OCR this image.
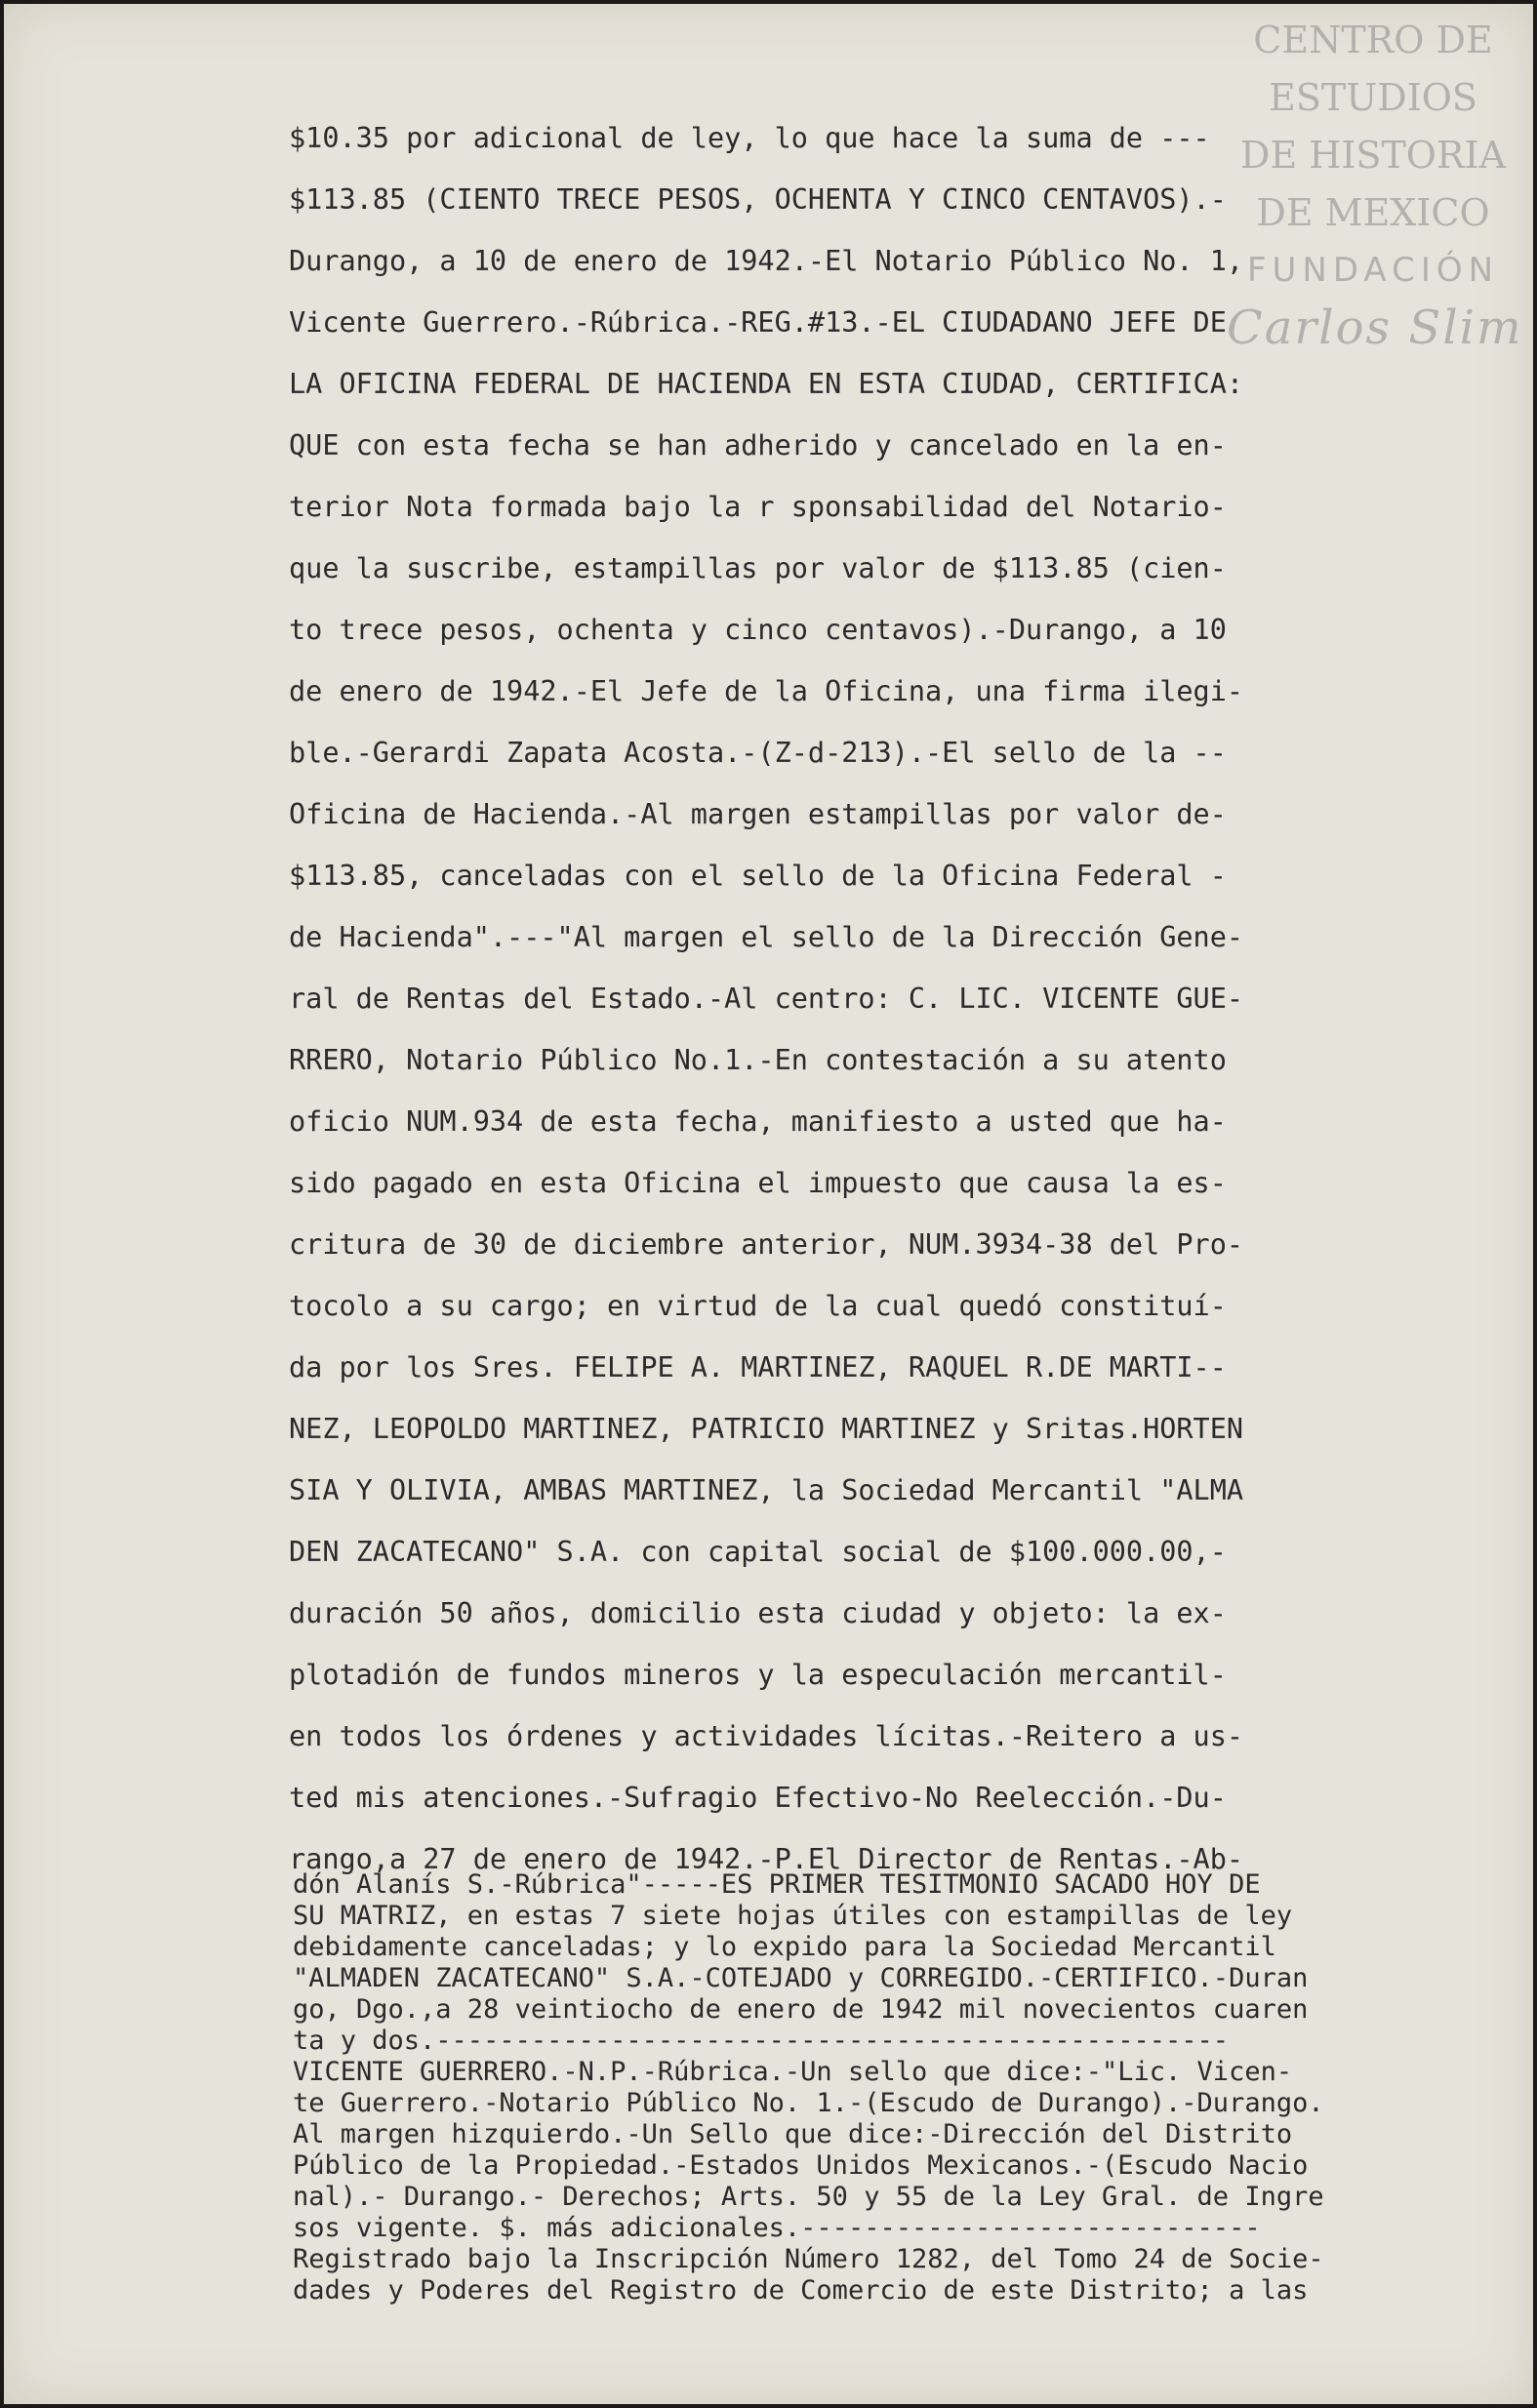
CENTRO DE
ESTUDIOS
DE HISTORIA
DE MEXICO
FUNDACIÓN
Carlos Slim
$10.35 por adicional de ley, lo que hace la suma de ---
$113.85 (CIENTO TRECE PESOS, OCHENTA Y CINCO CENTAVOS).-
Durango, a 10 de enero de 1942.-El Notario Público No. 1,
Vicente Guerrero.-Rúbrica.-REG.#13.-EL CIUDADANO JEFE DE
LA OFICINA FEDERAL DE HACIENDA EN ESTA CIUDAD, CERTIFICA:
QUE con esta fecha se han adherido y cancelado en la en-
terior Nota formada bajo la r sponsabilidad del Notario-
que la suscribe, estampillas por valor de $113.85 (cien-
to trece pesos, ochenta y cinco centavos).-Durango, a 10
de enero de 1942.-El Jefe de la Oficina, una firma ilegi-
ble.-Gerardi Zapata Acosta.-(Z-d-213).-El sello de la --
Oficina de Hacienda.-Al margen estampillas por valor de-
$113.85, canceladas con el sello de la Oficina Federal -
de Hacienda".---"Al margen el sello de la Dirección Gene-
ral de Rentas del Estado.-Al centro: C. LIC. VICENTE GUE-
RRERO, Notario Público No.1.-En contestación a su atento
oficio NUM.934 de esta fecha, manifiesto a usted que ha-
sido pagado en esta Oficina el impuesto que causa la es-
critura de 30 de diciembre anterior, NUM.3934-38 del Pro-
tocolo a su cargo; en virtud de la cual quedó constituí-
da por los Sres. FELIPE A. MARTINEZ, RAQUEL R.DE MARTI--
NEZ, LEOPOLDO MARTINEZ, PATRICIO MARTINEZ y Sritas.HORTEN
SIA Y OLIVIA, AMBAS MARTINEZ, la Sociedad Mercantil "ALMA
DEN ZACATECANO" S.A. con capital social de $100.000.00,-
duración 50 años, domicilio esta ciudad y objeto: la ex-
plotadión de fundos mineros y la especulación mercantil-
en todos los órdenes y actividades lícitas.-Reitero a us-
ted mis atenciones.-Sufragio Efectivo-No Reelección.-Du-
rango,a 27 de enero de 1942.-P.El Director de Rentas.-Ab-
dón Alanís S.-Rúbrica"-----ES PRIMER TESITMONIO SACADO HOY DE
SU MATRIZ, en estas 7 siete hojas útiles con estampillas de ley
debidamente canceladas; y lo expido para la Sociedad Mercantil
"ALMADEN ZACATECANO" S.A.-COTEJADO y CORREGIDO.-CERTIFICO.-Duran
go, Dgo.,a 28 veintiocho de enero de 1942 mil novecientos cuaren
ta y dos.--------------------------------------------------
VICENTE GUERRERO.-N.P.-Rúbrica.-Un sello que dice:-"Lic. Vicen-
te Guerrero.-Notario Público No. 1.-(Escudo de Durango).-Durango.
Al margen hizquierdo.-Un Sello que dice:-Dirección del Distrito
Público de la Propiedad.-Estados Unidos Mexicanos.-(Escudo Nacio
nal).- Durango.- Derechos; Arts. 50 y 55 de la Ley Gral. de Ingre
sos vigente. $. más adicionales.-----------------------------
Registrado bajo la Inscripción Número 1282, del Tomo 24 de Socie-
dades y Poderes del Registro de Comercio de este Distrito; a las
